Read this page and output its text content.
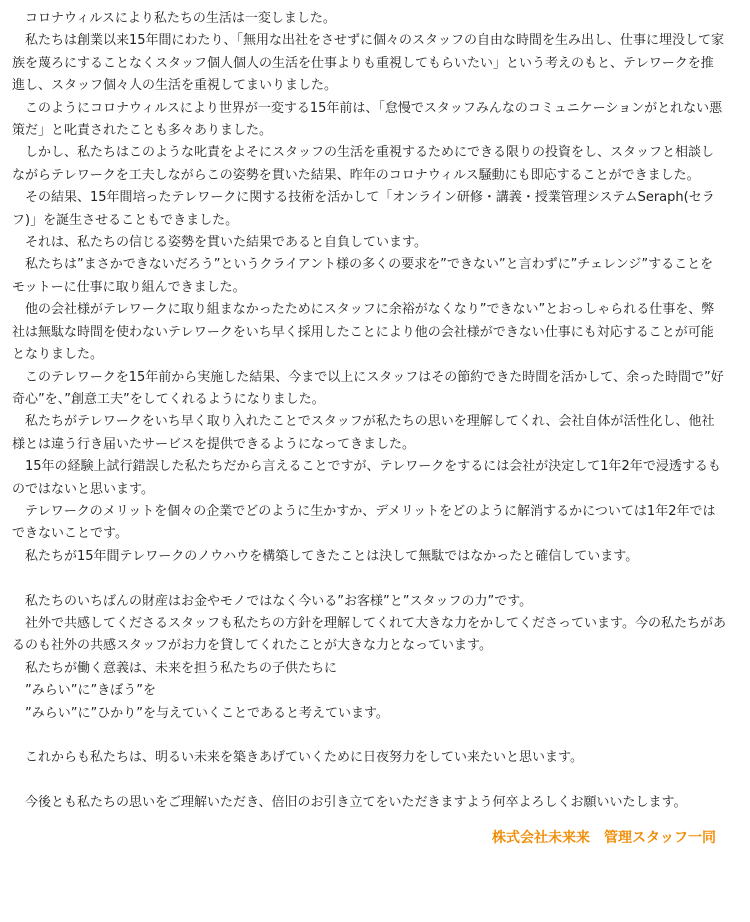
コロナウィルスにより私たちの生活は一変しました。

私たちは創業以来15年間にわたり、「無用な出社をさせずに個々のスタッフの自由な時間を生み出し、仕事に埋没して家族を蔑ろにすることなくスタッフ個人個人の生活を仕事よりも重視してもらいたい」という考えのもと、テレワークを推進し、スタッフ個々人の生活を重視してまいりました。

このようにコロナウィルスにより世界が一変する15年前は、「怠慢でスタッフみんなのコミュニケーションがとれない悪策だ」と叱責されたことも多々ありました。

しかし、私たちはこのような叱責をよそにスタッフの生活を重視するためにできる限りの投資をし、スタッフと相談しながらテレワークを工夫しながらこの姿勢を貫いた結果、昨年のコロナウィルス騒動にも即応することができました。

その結果、15年間培ったテレワークに関する技術を活かして「オンライン研修・講義・授業管理システムSeraph(セラフ)」を誕生させることもできました。

それは、私たちの信じる姿勢を貫いた結果であると自負しています。

私たちは”まさかできないだろう”というクライアント様の多くの要求を”できない”と言わずに”チェレンジ”することをモットーに仕事に取り組んできました。

他の会社様がテレワークに取り組まなかったためにスタッフに余裕がなくなり”できない”とおっしゃられる仕事を、弊社は無駄な時間を使わないテレワークをいち早く採用したことにより他の会社様ができない仕事にも対応することが可能となりました。

このテレワークを15年前から実施した結果、今まで以上にスタッフはその節約できた時間を活かして、余った時間で”好奇心”を、”創意工夫”をしてくれるようになりました。

私たちがテレワークをいち早く取り入れたことでスタッフが私たちの思いを理解してくれ、会社自体が活性化し、他社様とは違う行き届いたサービスを提供できるようになってきました。

15年の経験上試行錯誤した私たちだから言えることですが、テレワークをするには会社が決定して1年2年で浸透するものではないと思います。

テレワークのメリットを個々の企業でどのように生かすか、デメリットをどのように解消するかについては1年2年ではできないことです。

私たちが15年間テレワークのノウハウを構築してきたことは決して無駄ではなかったと確信しています。

私たちのいちばんの財産はお金やモノではなく今いる”お客様”と”スタッフの力”です。

社外で共感してくださるスタッフも私たちの方針を理解してくれて大きな力をかしてくださっています。今の私たちがあるのも社外の共感スタッフがお力を貸してくれたことが大きな力となっています。

私たちが働く意義は、未来を担う私たちの子供たちに

”みらい”に”きぼう”を

”みらい”に”ひかり”を与えていくことであると考えています。

これからも私たちは、明るい未来を築きあげていくために日夜努力をしてい来たいと思います。

今後とも私たちの思いをご理解いただき、倍旧のお引き立てをいただきますよう何卒よろしくお願いいたします。

株式会社未来来　管理スタッフ一同
